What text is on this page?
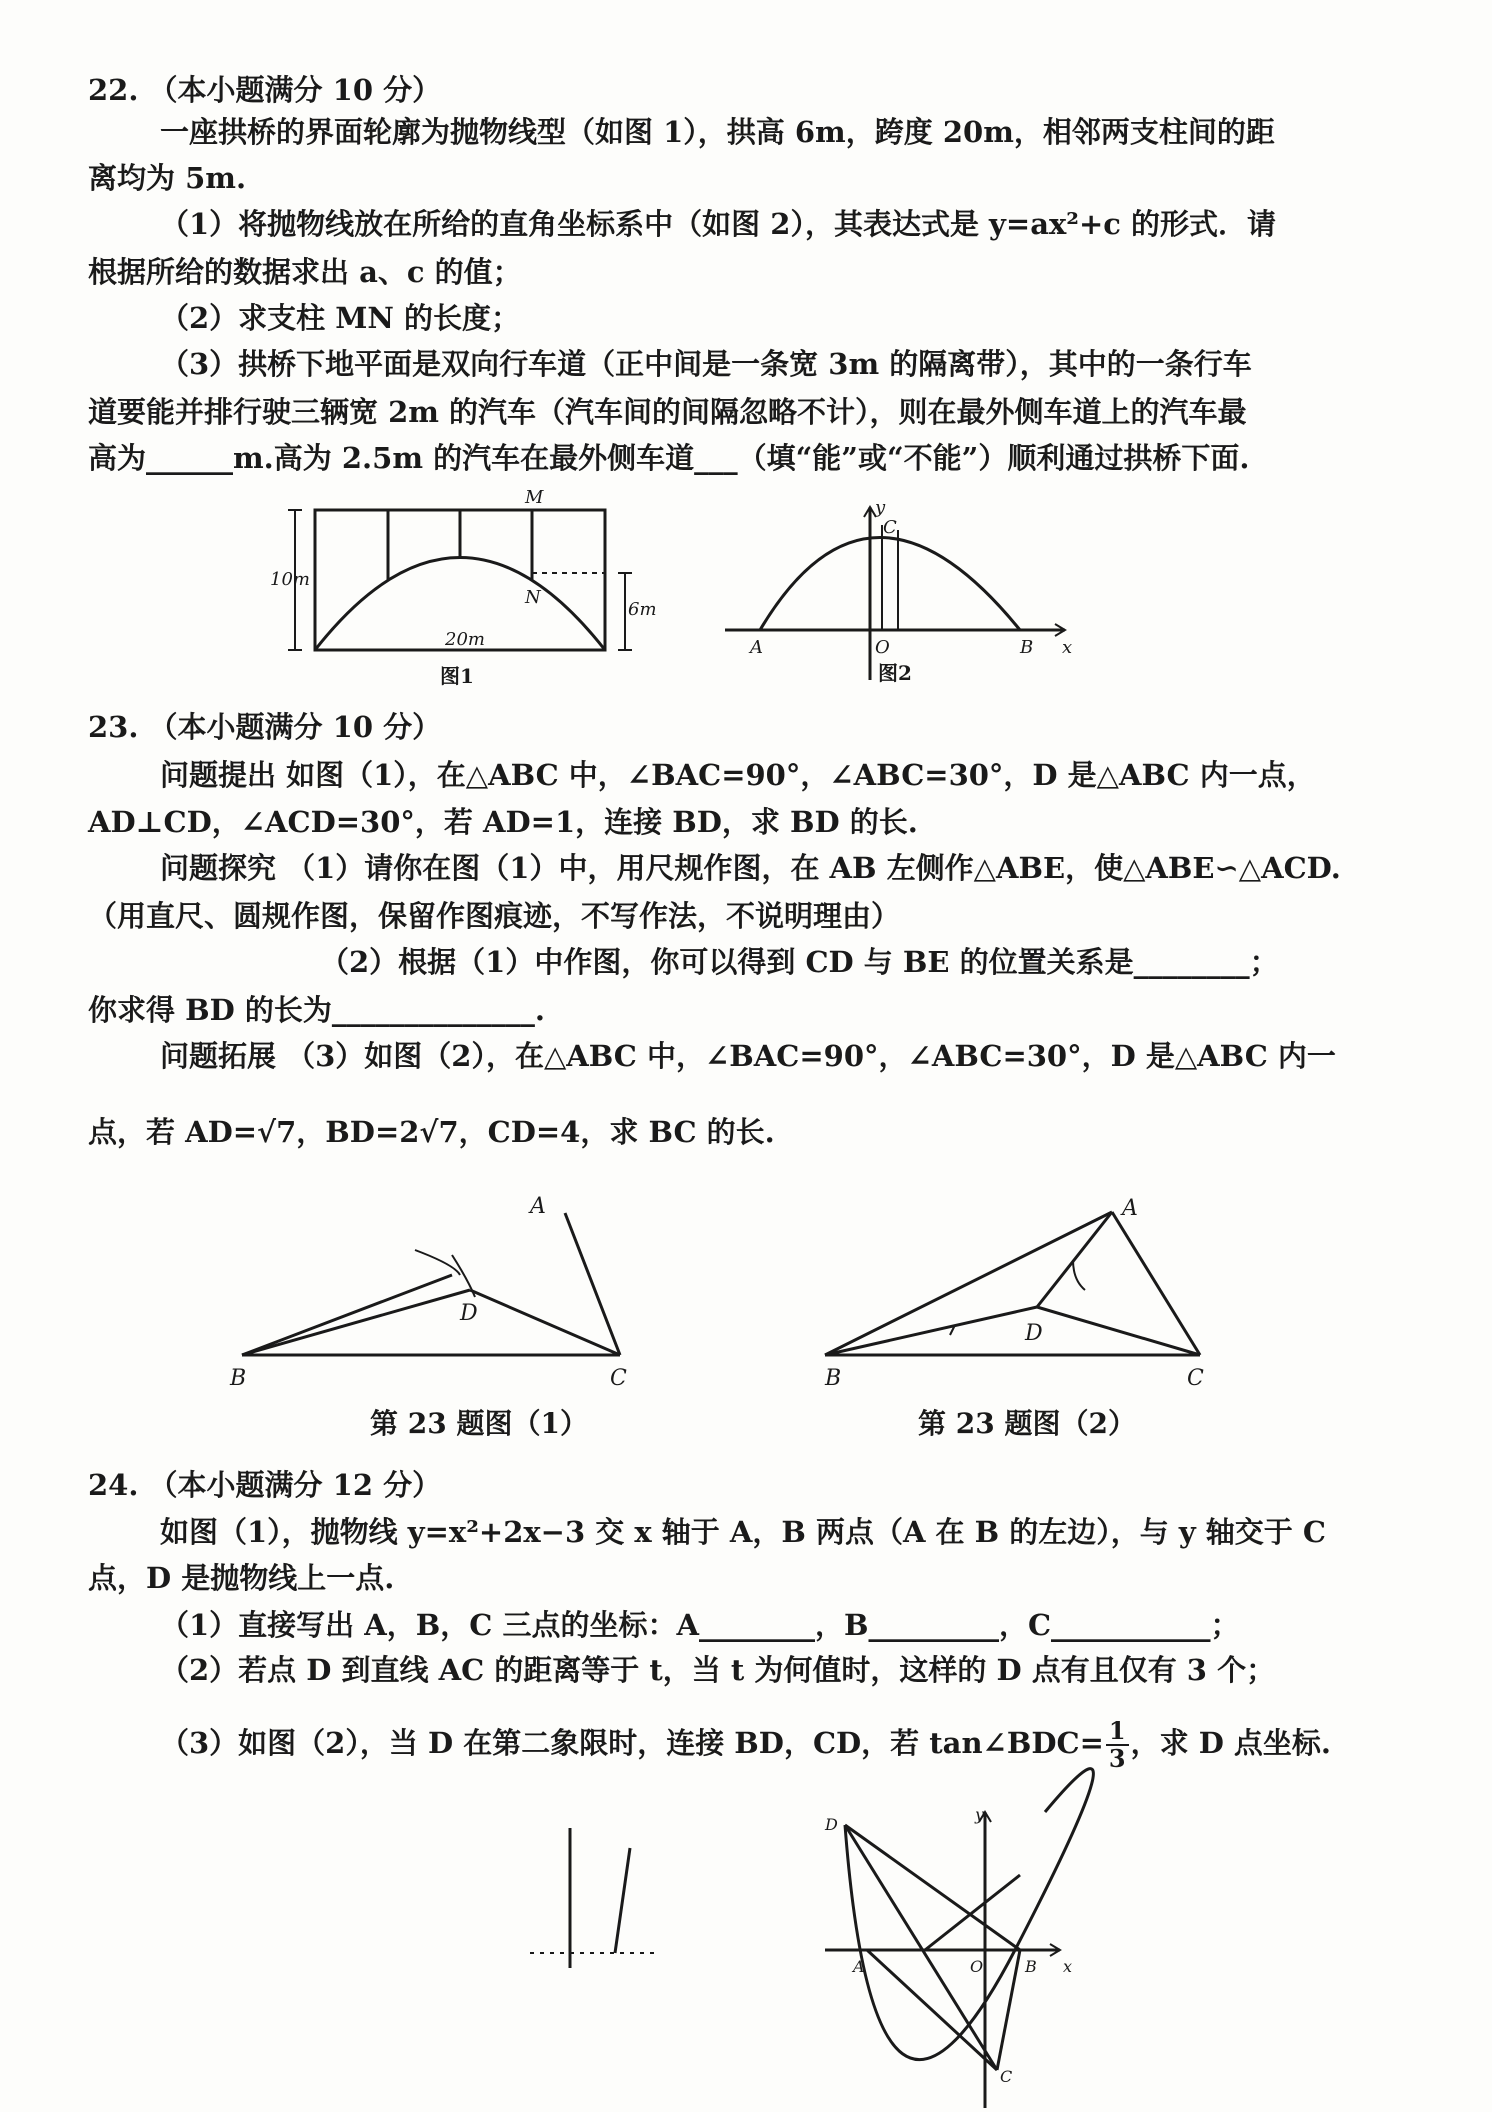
22. （本小题满分 10 分）
一座拱桥的界面轮廓为抛物线型（如图 1），拱高 6m，跨度 20m，相邻两支柱间的距
离均为 5m.
（1）将抛物线放在所给的直角坐标系中（如图 2），其表达式是 y=ax²+c 的形式．请
根据所给的数据求出 a、c 的值；
（2）求支柱 MN 的长度；
（3）拱桥下地平面是双向行车道（正中间是一条宽 3m 的隔离带），其中的一条行车
道要能并排行驶三辆宽 2m 的汽车（汽车间的间隔忽略不计），则在最外侧车道上的汽车最
高为______m.高为 2.5m 的汽车在最外侧车道___（填“能”或“不能”）顺利通过拱桥下面.
10m
6m
20m
M
N
图1
y
C
A	O	B x
图2
23. （本小题满分 10 分）
问题提出 如图（1），在△ABC 中，∠BAC=90°，∠ABC=30°，D 是△ABC 内一点，
AD⊥CD，∠ACD=30°，若 AD=1，连接 BD，求 BD 的长.
问题探究 （1）请你在图（1）中，用尺规作图，在 AB 左侧作△ABE，使△ABE∽△ACD.
（用直尺、圆规作图，保留作图痕迹，不写作法，不说明理由）
（2）根据（1）中作图，你可以得到 CD 与 BE 的位置关系是________；
你求得 BD 的长为______________.
问题拓展 （3）如图（2），在△ABC 中，∠BAC=90°，∠ABC=30°，D 是△ABC 内一
点，若 AD=√7，BD=2√7，CD=4，求 BC 的长.
A
D
B	C
第 23 题图（1）
A
D
B	C
第 23 题图（2）
24. （本小题满分 12 分）
如图（1），抛物线 y=x²+2x−3 交 x 轴于 A，B 两点（A 在 B 的左边），与 y 轴交于 C
点，D 是抛物线上一点.
（1）直接写出 A，B，C 三点的坐标：A________，B_________，C___________；
（2）若点 D 到直线 AC 的距离等于 t，当 t 为何值时，这样的 D 点有且仅有 3 个；
（3）如图（2），当 D 在第二象限时，连接 BD，CD，若 tan∠BDC= $\frac{1}{3}$ ，求 D 点坐标.
D
y
A	O	B x
C
